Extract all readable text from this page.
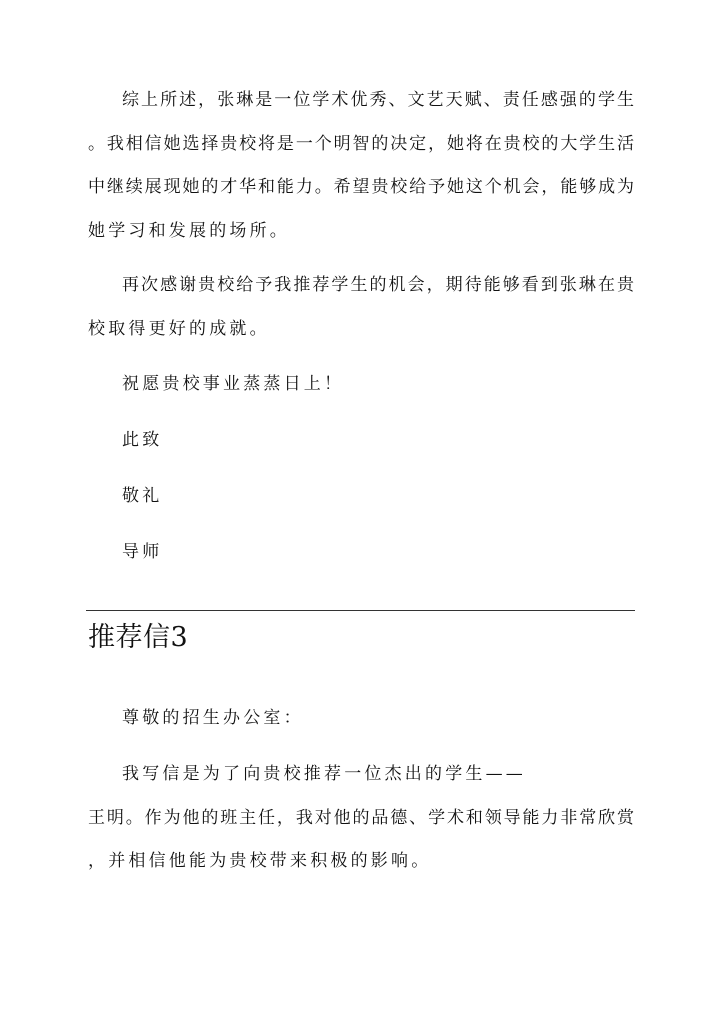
综上所述，张琳是一位学术优秀、文艺天赋、责任感强的学生
。我相信她选择贵校将是一个明智的决定，她将在贵校的大学生活
中继续展现她的才华和能力。希望贵校给予她这个机会，能够成为
她学习和发展的场所。
再次感谢贵校给予我推荐学生的机会，期待能够看到张琳在贵
校取得更好的成就。
祝愿贵校事业蒸蒸日上！
此致
敬礼
导师
推荐信3
尊敬的招生办公室：
我写信是为了向贵校推荐一位杰出的学生——
王明。作为他的班主任，我对他的品德、学术和领导能力非常欣赏
，并相信他能为贵校带来积极的影响。
